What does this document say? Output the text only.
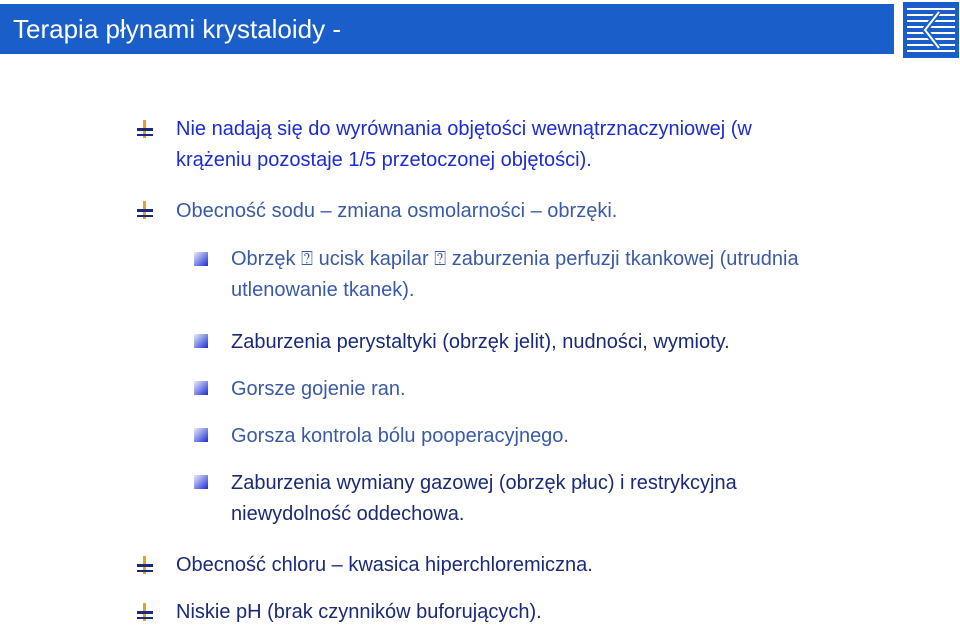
Terapia płynami krystaloidy -
Nie nadają się do wyrównania objętości wewnątrznaczyniowej (w
krążeniu pozostaje 1/5 przetoczonej objętości).
Obecność sodu – zmiana osmolarności – obrzęki.
Obrzęk ⍰ ucisk kapilar ⍰ zaburzenia perfuzji tkankowej (utrudnia
utlenowanie tkanek).
Zaburzenia perystaltyki (obrzęk jelit), nudności, wymioty.
Gorsze gojenie ran.
Gorsza kontrola bólu pooperacyjnego.
Zaburzenia wymiany gazowej (obrzęk płuc) i restrykcyjna
niewydolność oddechowa.
Obecność chloru – kwasica hiperchloremiczna.
Niskie pH (brak czynników buforujących).
